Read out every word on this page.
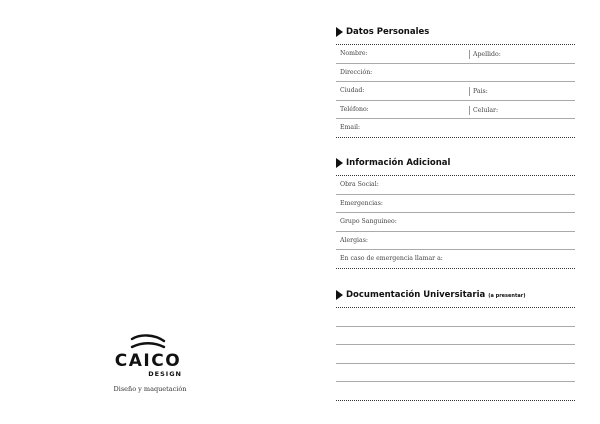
CAICO
DESIGN
Diseño y maquetación
Datos Personales
Nombre:	Apellido:
Dirección:
Ciudad:	Pais:
Teléfono:	Celular:
Email:
Información Adicional
Obra Social:
Emergencias:
Grupo Sanguineo:
Alergias:
En caso de emergencia llamar a:
Documentación Universitaria (a presentar)
